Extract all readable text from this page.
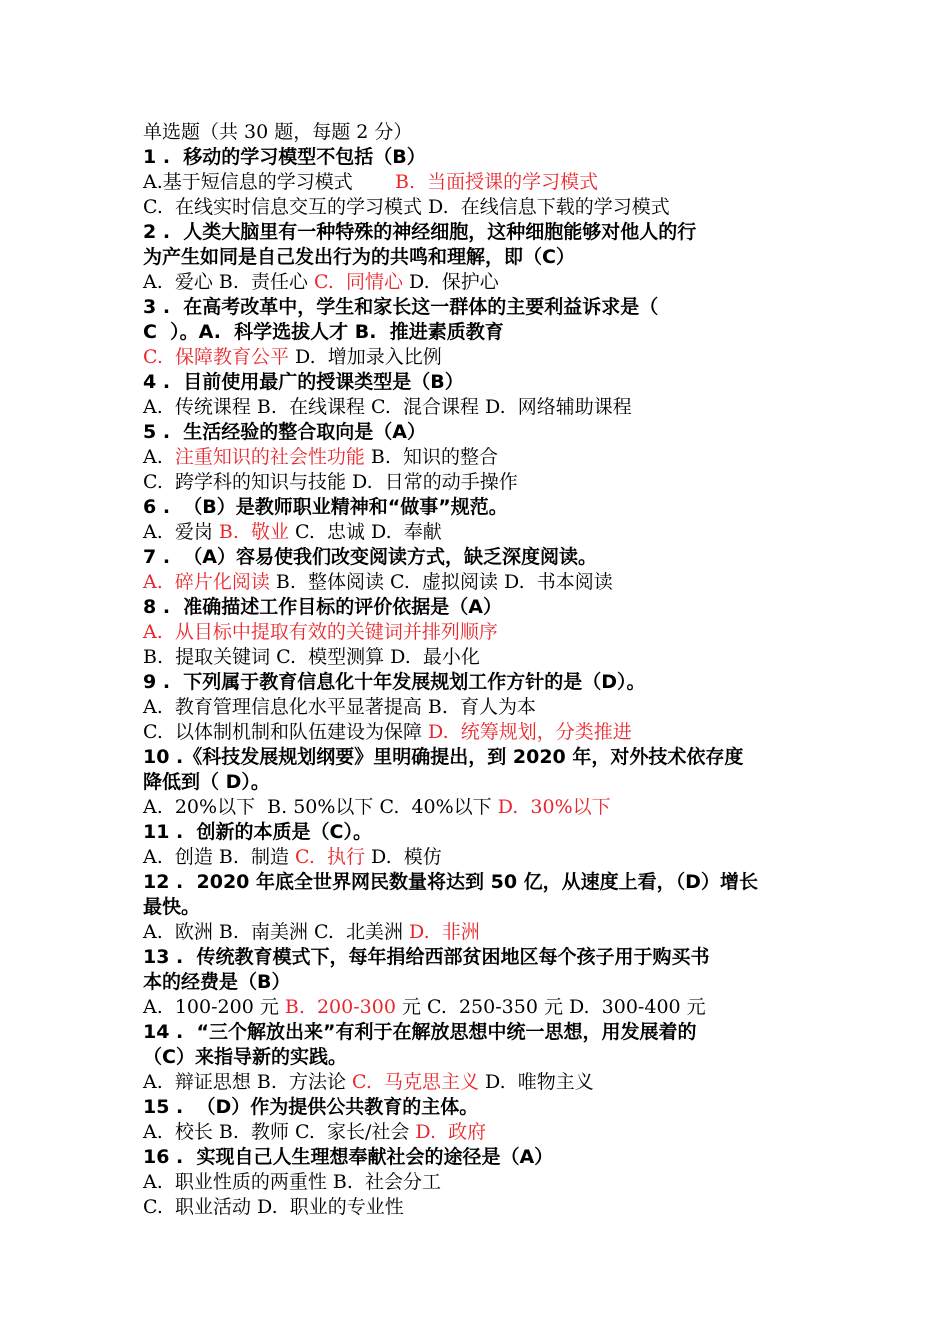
单选题（共 30 题，每题 2 分）
1 .  移动的学习模型不包括（B）
A.基于短信息的学习模式       B.  当面授课的学习模式
C.  在线实时信息交互的学习模式 D.  在线信息下载的学习模式
2 .  人类大脑里有一种特殊的神经细胞，这种细胞能够对他人的行
为产生如同是自己发出行为的共鸣和理解，即（C）
A.  爱心 B.  责任心 C.  同情心 D.  保护心
3 .  在高考改革中，学生和家长这一群体的主要利益诉求是（
C  ）。A.  科学选拔人才 B.  推进素质教育
C.  保障教育公平 D.  增加录入比例
4 .  目前使用最广的授课类型是（B）
A.  传统课程 B.  在线课程 C.  混合课程 D.  网络辅助课程
5 .  生活经验的整合取向是（A）
A.  注重知识的社会性功能 B.  知识的整合
C.  跨学科的知识与技能 D.  日常的动手操作
6 .  （B）是教师职业精神和“做事”规范。
A.  爱岗 B.  敬业 C.  忠诚 D.  奉献
7 .  （A）容易使我们改变阅读方式，缺乏深度阅读。
A.  碎片化阅读 B.  整体阅读 C.  虚拟阅读 D.  书本阅读
8 .  准确描述工作目标的评价依据是（A）
A.  从目标中提取有效的关键词并排列顺序
B.  提取关键词 C.  模型测算 D.  最小化
9 .  下列属于教育信息化十年发展规划工作方针的是（D）。
A.  教育管理信息化水平显著提高 B.  育人为本
C.  以体制机制和队伍建设为保障 D.  统筹规划，分类推进
10 .《科技发展规划纲要》里明确提出，到 2020 年，对外技术依存度
降低到（ D）。
A.  20%以下  B. 50%以下 C.  40%以下 D.  30%以下
11 .  创新的本质是（C）。
A.  创造 B.  制造 C.  执行 D.  模仿
12 .  2020 年底全世界网民数量将达到 50 亿，从速度上看，（D）增长
最快。
A.  欧洲 B.  南美洲 C.  北美洲 D.  非洲
13 .  传统教育模式下，每年捐给西部贫困地区每个孩子用于购买书
本的经费是（B）
A.  100-200 元 B.  200-300 元 C.  250-350 元 D.  300-400 元
14 .  “三个解放出来”有利于在解放思想中统一思想，用发展着的
（C）来指导新的实践。
A.  辩证思想 B.  方法论 C.  马克思主义 D.  唯物主义
15 .  （D）作为提供公共教育的主体。
A.  校长 B.  教师 C.  家长/社会 D.  政府
16 .  实现自己人生理想奉献社会的途径是（A）
A.  职业性质的两重性 B.  社会分工
C.  职业活动 D.  职业的专业性
